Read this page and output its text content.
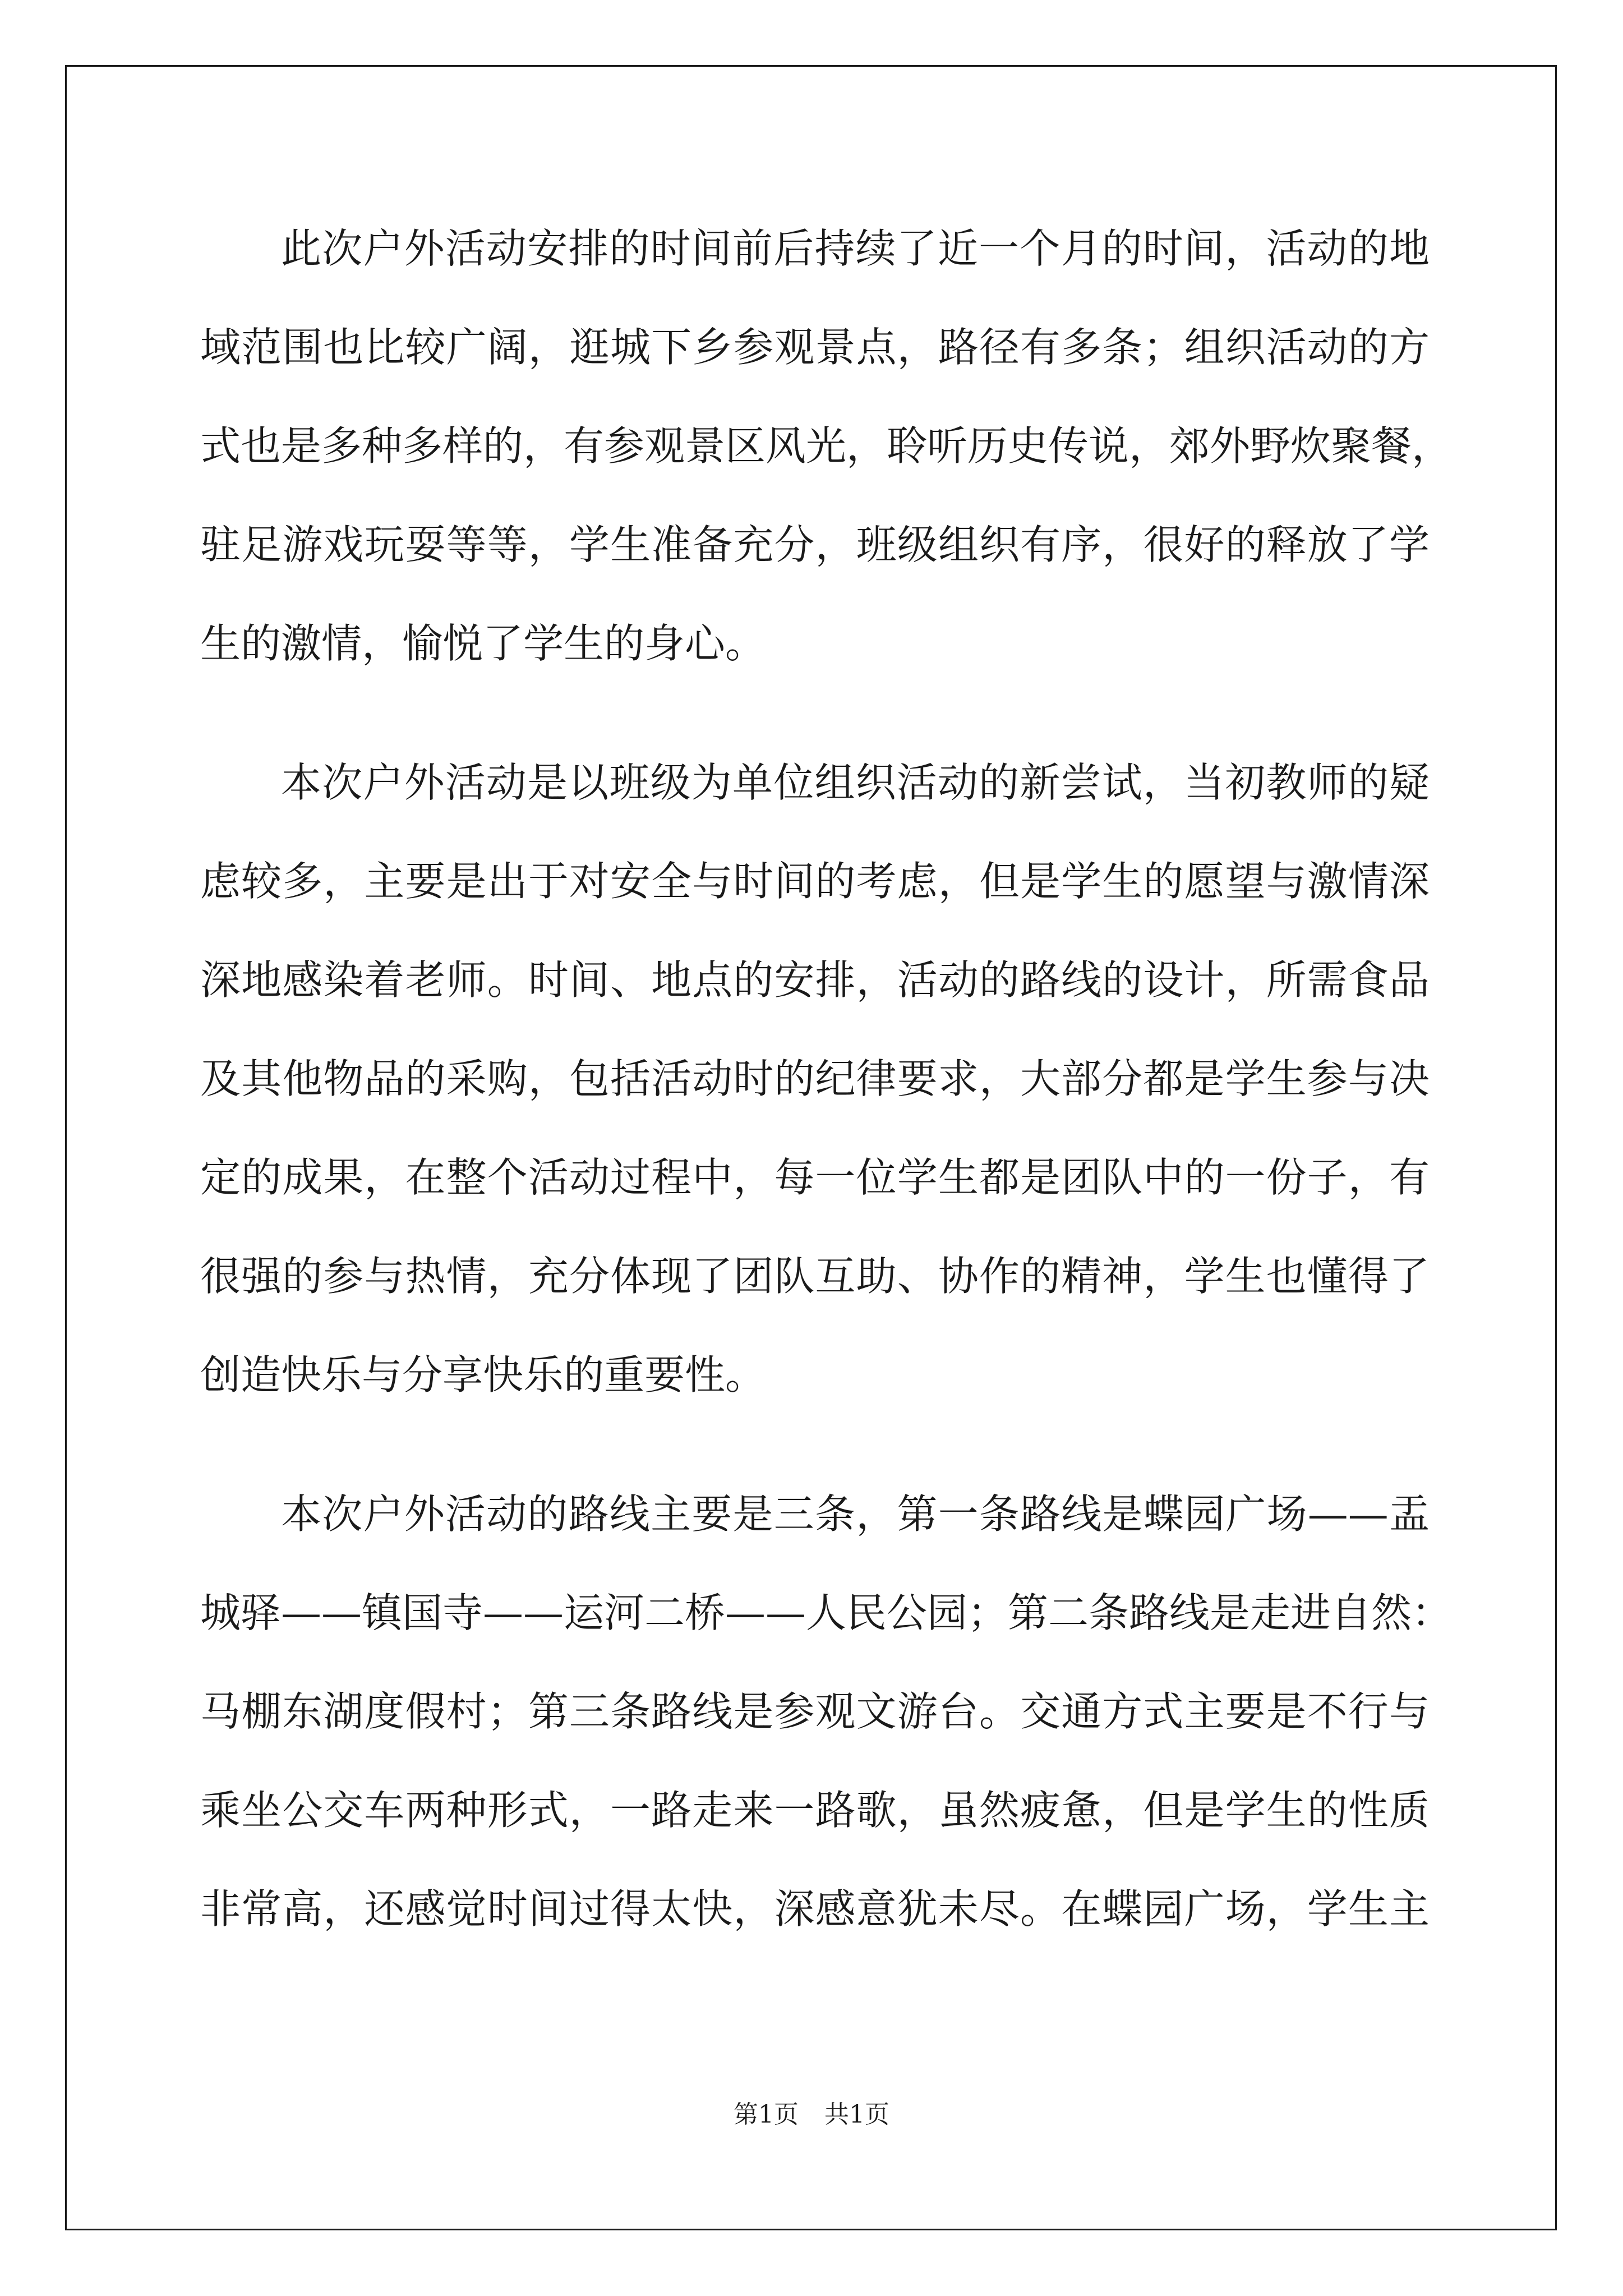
此次户外活动安排的时间前后持续了近一个月的时间，活动的地
域范围也比较广阔，逛城下乡参观景点，路径有多条；组织活动的方
式也是多种多样的，有参观景区风光，聆听历史传说，郊外野炊聚餐，
驻足游戏玩耍等等，学生准备充分，班级组织有序，很好的释放了学
生的激情，愉悦了学生的身心。
本次户外活动是以班级为单位组织活动的新尝试，当初教师的疑
虑较多，主要是出于对安全与时间的考虑，但是学生的愿望与激情深
深地感染着老师。时间、地点的安排，活动的路线的设计，所需食品
及其他物品的采购，包括活动时的纪律要求，大部分都是学生参与决
定的成果，在整个活动过程中，每一位学生都是团队中的一份子，有
很强的参与热情，充分体现了团队互助、协作的精神，学生也懂得了
创造快乐与分享快乐的重要性。
本次户外活动的路线主要是三条，第一条路线是蝶园广场——盂
城驿——镇国寺——运河二桥——人民公园；第二条路线是走进自然：
马棚东湖度假村；第三条路线是参观文游台。交通方式主要是不行与
乘坐公交车两种形式，一路走来一路歌，虽然疲惫，但是学生的性质
非常高，还感觉时间过得太快，深感意犹未尽。在蝶园广场，学生主
第1页 共1页
